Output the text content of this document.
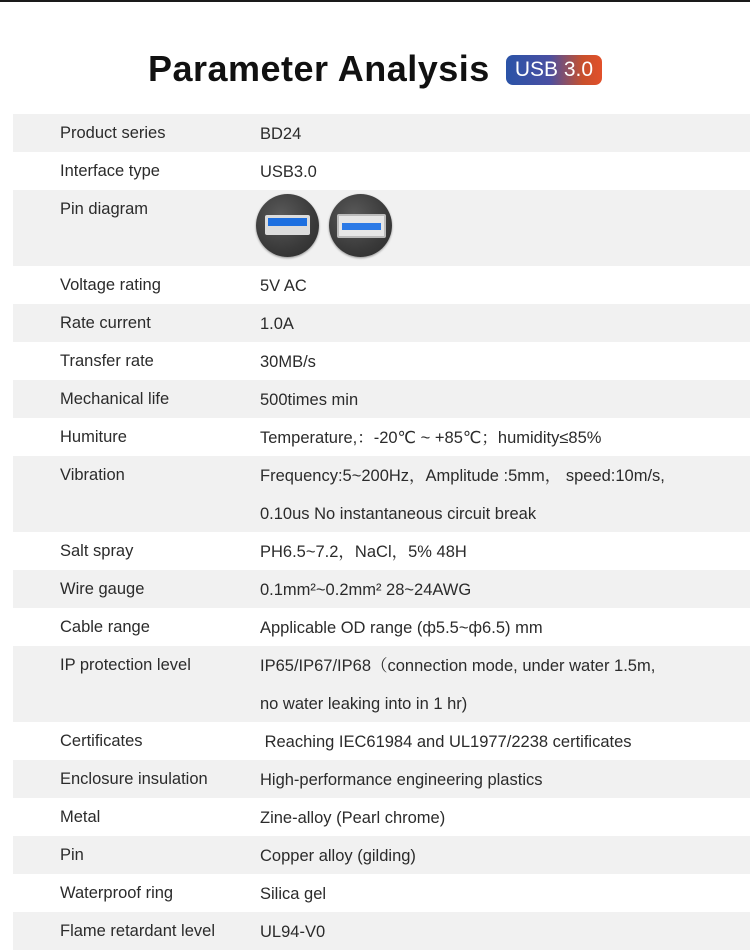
Parameter Analysis	USB 3.0
Product series	BD24
Interface type	USB3.0
Pin diagram
Voltage rating	5V AC
Rate current	1.0A
Transfer rate	30MB/s
Mechanical life	500times min
Humiture	Temperature,：-20℃ ~ +85℃；humidity≤85%
Vibration	Frequency:5~200Hz，Amplitude :5mm， speed:10m/s,
0.10us No instantaneous circuit break
Salt spray	PH6.5~7.2，NaCl，5% 48H
Wire gauge	0.1mm²~0.2mm² 28~24AWG
Cable range	Applicable OD range (ф5.5~ф6.5) mm
IP protection level	IP65/IP67/IP68（connection mode, under water 1.5m,
no water leaking into in 1 hr)
Certificates	Reaching IEC61984 and UL1977/2238 certificates
Enclosure insulation	High-performance engineering plastics
Metal	Zine-alloy (Pearl chrome)
Pin	Copper alloy (gilding)
Waterproof ring	Silica gel
Flame retardant level	UL94-V0
